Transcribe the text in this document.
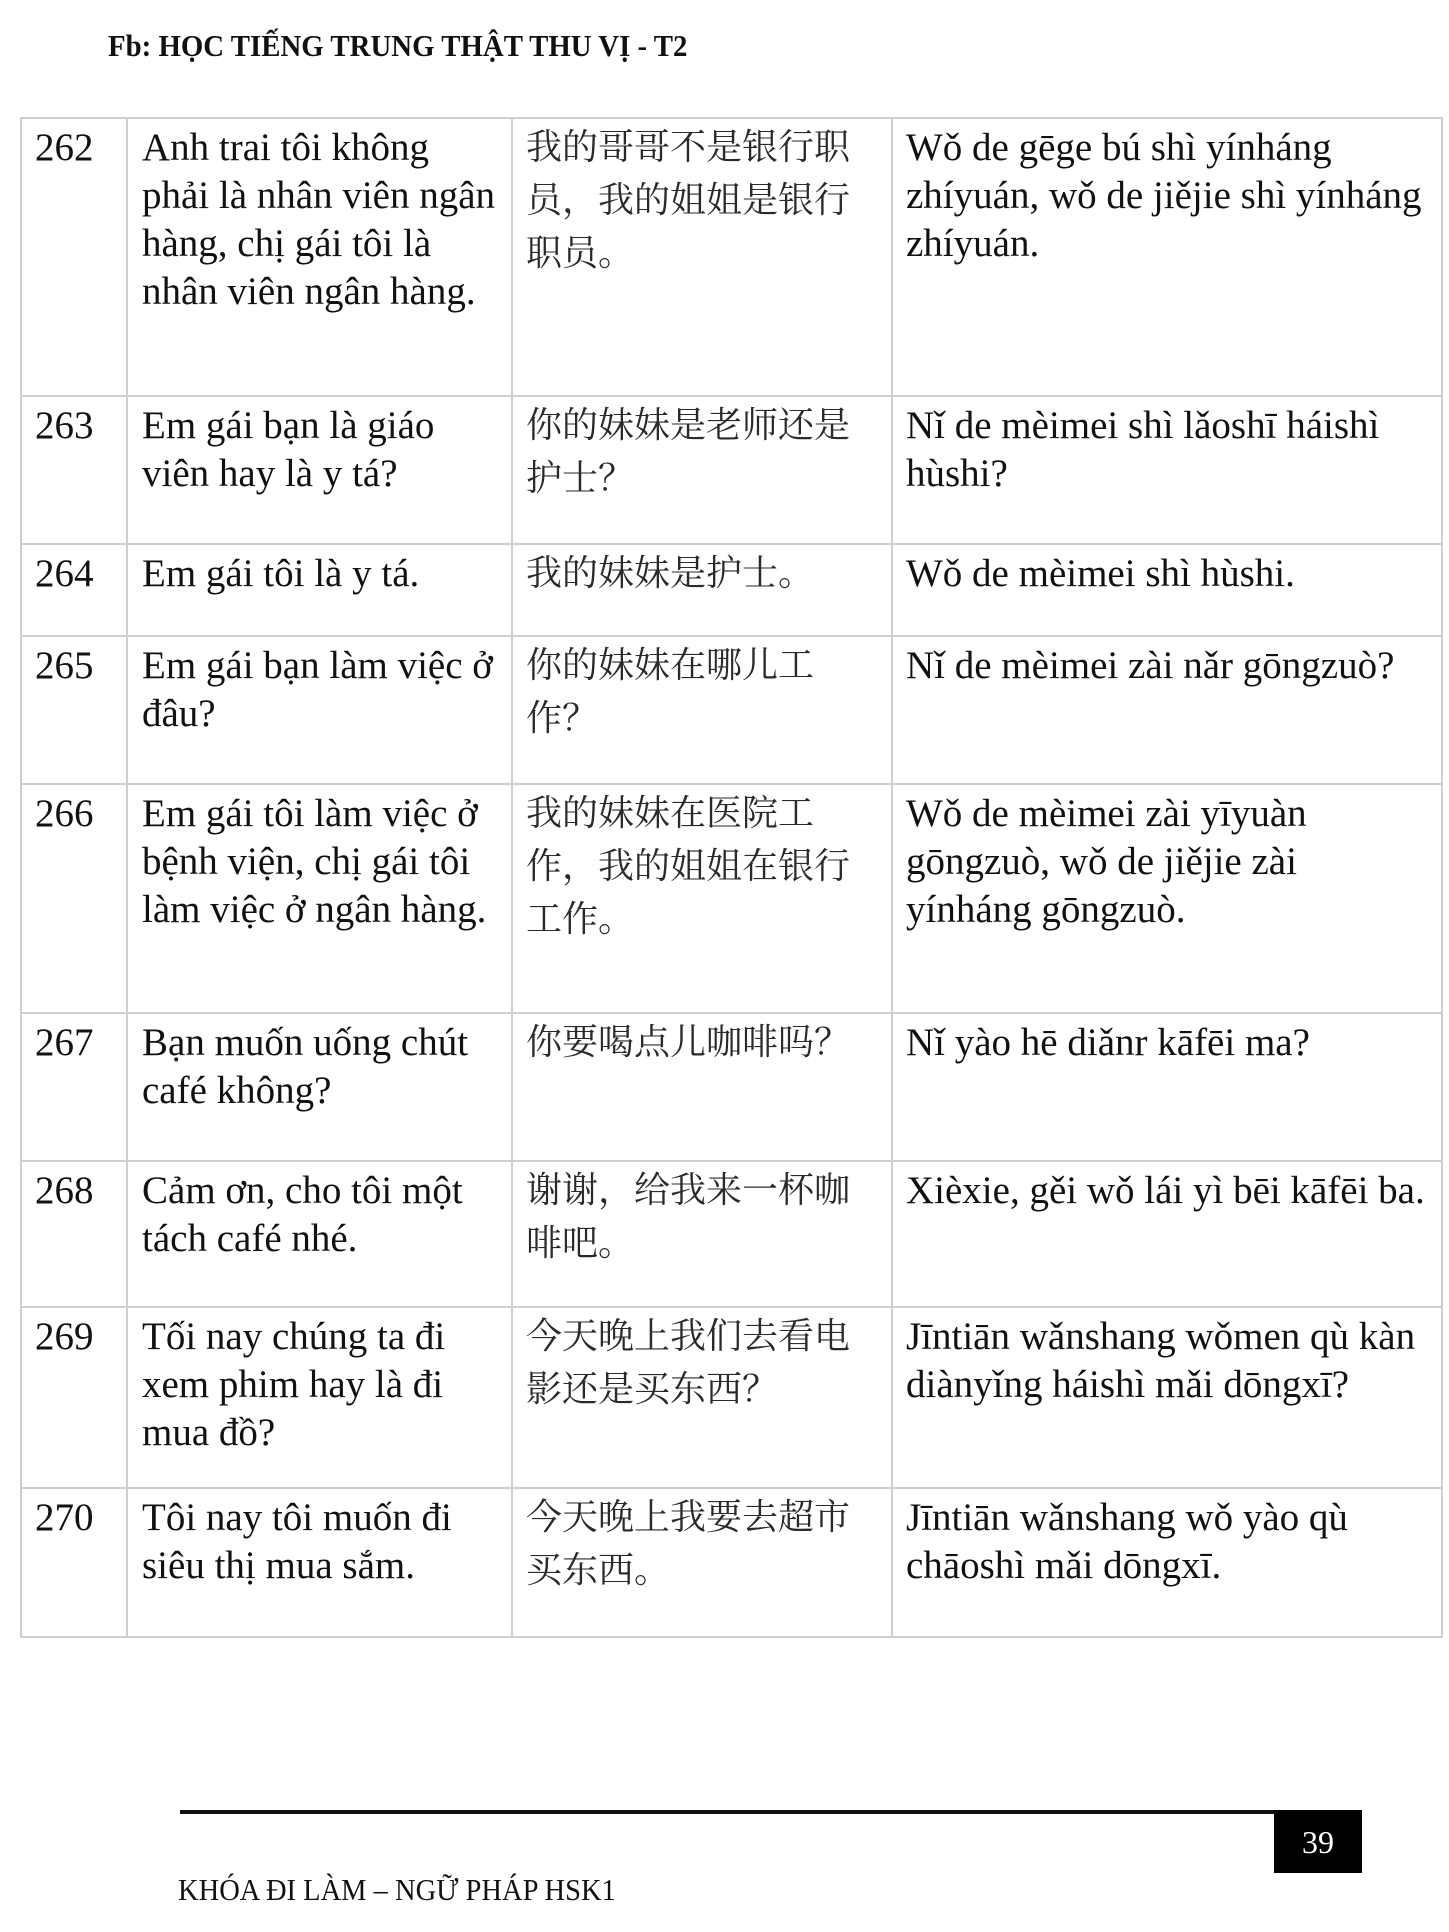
Fb: HỌC TIẾNG TRUNG THẬT THU VỊ - T2
262	Anh trai tôi không phải là nhân viên ngân hàng, chị gái tôi là nhân viên ngân hàng.	我的哥哥不是银行职员，我的姐姐是银行职员。	Wǒ de gēge bú shì yínháng zhíyuán, wǒ de jiějie shì yínháng zhíyuán.

263	Em gái bạn là giáo viên hay là y tá?	你的妹妹是老师还是护士？	Nǐ de mèimei shì lǎoshī háishì hùshi?

264	Em gái tôi là y tá.	我的妹妹是护士。	Wǒ de mèimei shì hùshi.

265	Em gái bạn làm việc ở đâu?	你的妹妹在哪儿工作？	Nǐ de mèimei zài nǎr gōngzuò?

266	Em gái tôi làm việc ở bệnh viện, chị gái tôi làm việc ở ngân hàng.	我的妹妹在医院工作，我的姐姐在银行工作。	Wǒ de mèimei zài yīyuàn gōngzuò, wǒ de jiějie zài yínháng gōngzuò.

267	Bạn muốn uống chút café không?	你要喝点儿咖啡吗？	Nǐ yào hē diǎnr kāfēi ma?

268	Cảm ơn, cho tôi một tách café nhé.	谢谢，给我来一杯咖啡吧。	Xièxie, gěi wǒ lái yì bēi kāfēi ba.

269	Tối nay chúng ta đi xem phim hay là đi mua đồ?	今天晚上我们去看电影还是买东西？	Jīntiān wǎnshang wǒmen qù kàn diànyǐng háishì mǎi dōngxī?

270	Tôi nay tôi muốn đi siêu thị mua sắm.	今天晚上我要去超市买东西。	Jīntiān wǎnshang wǒ yào qù chāoshì mǎi dōngxī.
39
KHÓA ĐI LÀM – NGỮ PHÁP HSK1
